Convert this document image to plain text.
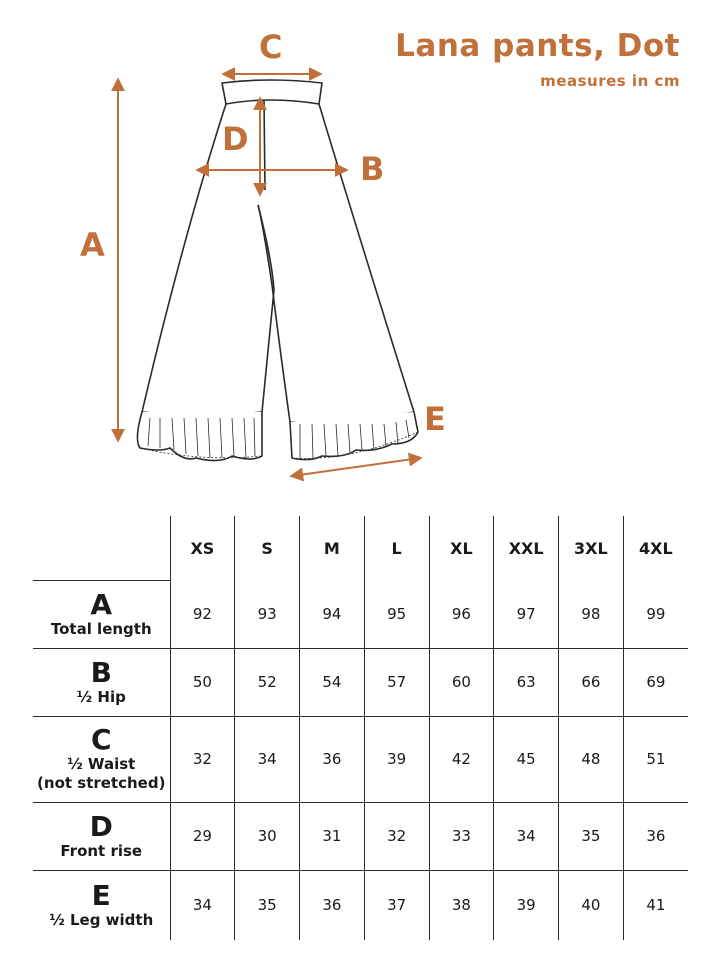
Lana pants, Dot
measures in cm
A
B
C
D
E
	XS	S	M	L	XL	XXL	3XL	4XL

A
Total length	92	93	94	95	96	97	98	99

B
½ Hip	50	52	54	57	60	63	66	69

C
½ Waist
(not stretched)	32	34	36	39	42	45	48	51

D
Front rise	29	30	31	32	33	34	35	36

E
½ Leg width	34	35	36	37	38	39	40	41
